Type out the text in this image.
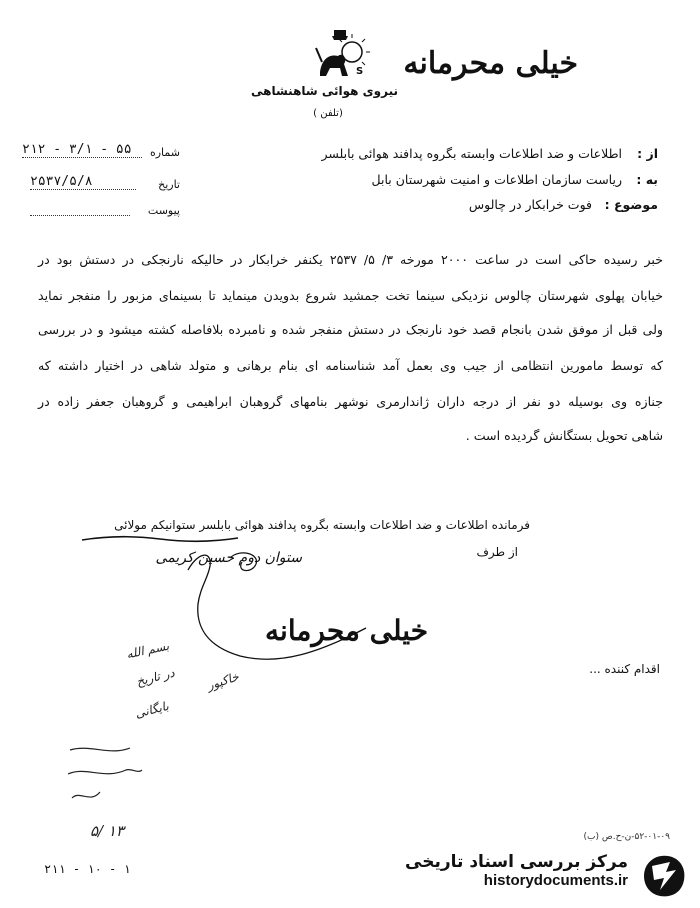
S	خیلی محرمانه
نیروی هوائی شاهنشاهی
(تلفن )
شماره
۲۱۲ - ۳/۱ - ۵۵
تاریخ
۲۵۳۷/۵/۸
پیوست
از :
اطلاعات و ضد اطلاعات وابسته بگروه پدافند هوائی بابلسر
به :
ریاست سازمان اطلاعات و امنیت شهرستان بابل
موضوع :
فوت خرابکار در چالوس
خبر رسیده حاکی است در ساعت ۲۰۰۰ مورخه ۳/ ۵/ ۲۵۳۷ یکنفر خرابکار در حالیکه نارنجکی در دستش بود در
خیابان پهلوی شهرستان چالوس نزدیکی سینما تخت جمشید شروع بدویدن مینماید تا بسینمای مزبور را منفجر نماید
ولی قبل از موفق شدن بانجام قصد خود نارنجک در دستش منفجر شده و نامبرده بلافاصله کشته میشود و در بررسی
که توسط مامورین انتظامی از جیب وی بعمل آمد شناسنامه ای بنام برهانی و متولد شاهی در اختیار داشته که
جنازه وی بوسیله دو نفر از درجه داران ژاندارمری نوشهر بنامهای گروهبان ابراهیمی و گروهبان جعفر زاده در
شاهی تحویل بستگانش گردیده است .
فرمانده اطلاعات و ضد اطلاعات وابسته بگروه پدافند هوائی بابلسر ستوانیکم مولائی
از طرف
ستوان دوم حسین کریمی
خیلی محرمانه
اقدام کننده ...
بسم الله
در تاریخ
بایگانی
خاکپور
۵/ ۱۳
۲۱۱ - ۱۰ - ۱
۵۲-۰۱-۰۹-ن-ح.ص (ب)
مرکز بررسی اسناد تاریخی
historydocuments.ir
